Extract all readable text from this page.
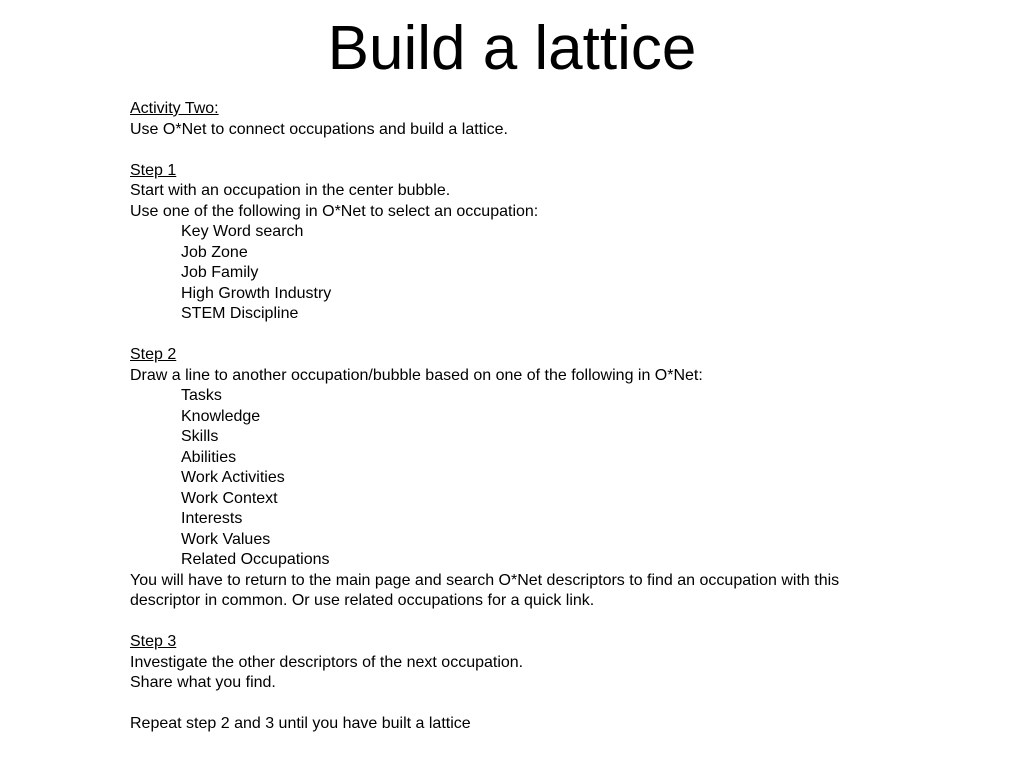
Build a lattice
Activity Two:
Use O*Net to connect occupations and build a lattice.
Step 1
Start with an occupation in the center bubble.
Use one of the following in O*Net to select an occupation:
Key Word search
Job Zone
Job Family
High Growth Industry
STEM Discipline
Step 2
Draw a line to another occupation/bubble based on one of the following in O*Net:
Tasks
Knowledge
Skills
Abilities
Work Activities
Work Context
Interests
Work Values
Related Occupations
You will have to return to the main page and search O*Net descriptors to find an occupation with this descriptor in common. Or use related occupations for a quick link.
Step 3
Investigate the other descriptors of the next occupation.
Share what you find.
Repeat step 2 and 3 until you have built a lattice
